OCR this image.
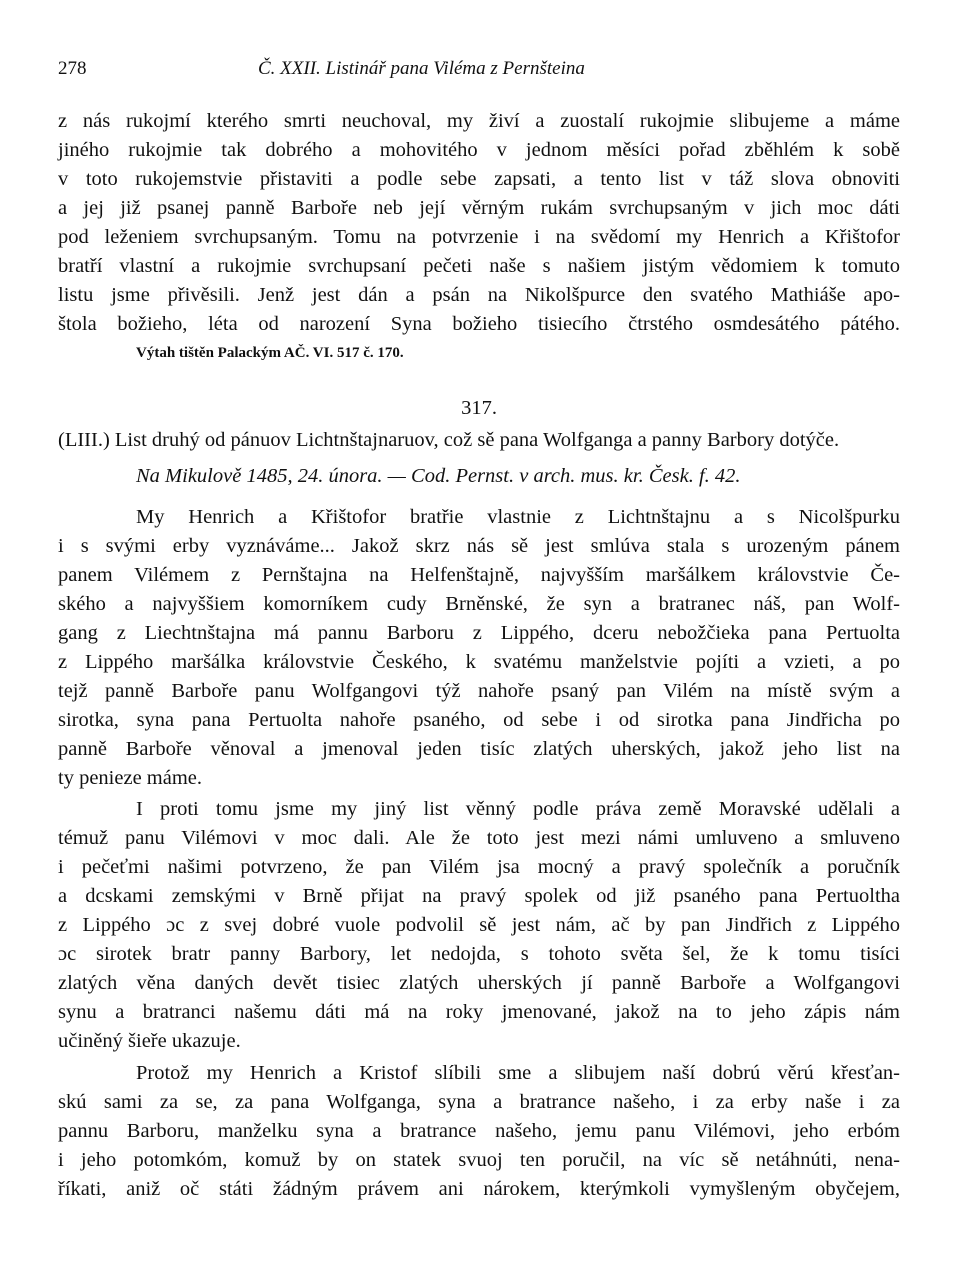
278	Č. XXII. Listinář pana Viléma z Pernšteina
z nás rukojmí kterého smrti neuchoval, my živí a zuostalí rukojmie slibujeme a máme
jiného rukojmie tak dobrého a mohovitého v jednom měsíci pořad zběhlém k sobě
v toto rukojemstvie přistaviti a podle sebe zapsati, a tento list v táž slova obnoviti
a jej již psanej panně Barboře neb její věrným rukám svrchupsaným v jich moc dáti
pod leženiem svrchupsaným. Tomu na potvrzenie i na svědomí my Henrich a Křištofor
bratří vlastní a rukojmie svrchupsaní pečeti naše s našiem jistým vědomiem k tomuto
listu jsme přivěsili. Jenž jest dán a psán na Nikolšpurce den svatého Mathiáše apo-
štola božieho, léta od narození Syna božieho tisiecího čtrstého osmdesátého pátého.
Výtah tištěn Palackým AČ. VI. 517 č. 170.
317.
(LIII.) List druhý od pánuov Lichtnštajnaruov, což sě pana Wolfganga a panny Barbory dotýče.
Na Mikulově 1485, 24. února. — Cod. Pernst. v arch. mus. kr. Česk. f. 42.
My Henrich a Křištofor bratřie vlastnie z Lichtnštajnu a s Nicolšpurku
i s svými erby vyznáváme... Jakož skrz nás sě jest smlúva stala s urozeným pánem
panem Vilémem z Pernštajna na Helfenštajně, najvyšším maršálkem královstvie Če-
ského a najvyššiem komorníkem cudy Brněnské, že syn a bratranec náš, pan Wolf-
gang z Liechtnštajna má pannu Barboru z Lippého, dceru nebožčieka pana Pertuolta
z Lippého maršálka královstvie Českého, k svatému manželstvie pojíti a vzieti, a po
tejž panně Barboře panu Wolfgangovi týž nahoře psaný pan Vilém na místě svým a
sirotka, syna pana Pertuolta nahoře psaného, od sebe i od sirotka pana Jindřicha po
panně Barboře věnoval a jmenoval jeden tisíc zlatých uherských, jakož jeho list na
ty penieze máme.
I proti tomu jsme my jiný list věnný podle práva země Moravské udělali a
témuž panu Vilémovi v moc dali. Ale že toto jest mezi námi umluveno a smluveno
i pečeťmi našimi potvrzeno, že pan Vilém jsa mocný a pravý společník a poručník
a dcskami zemskými v Brně přijat na pravý spolek od již psaného pana Pertuoltha
z Lippého ɔc z svej dobré vuole podvolil sě jest nám, ač by pan Jindřich z Lippého
ɔc sirotek bratr panny Barbory, let nedojda, s tohoto světa šel, že k tomu tisíci
zlatých věna daných devět tisiec zlatých uherských jí panně Barboře a Wolfgangovi
synu a bratranci našemu dáti má na roky jmenované, jakož na to jeho zápis nám
učiněný šieře ukazuje.
Protož my Henrich a Kristof slíbili sme a slibujem naší dobrú věrú křesťan-
skú sami za se, za pana Wolfganga, syna a bratrance našeho, i za erby naše i za
pannu Barboru, manželku syna a bratrance našeho, jemu panu Vilémovi, jeho erbóm
i jeho potomkóm, komuž by on statek svuoj ten poručil, na víc sě netáhnúti, nena-
říkati, aniž oč státi žádným právem ani nárokem, kterýmkoli vymyšleným obyčejem,
